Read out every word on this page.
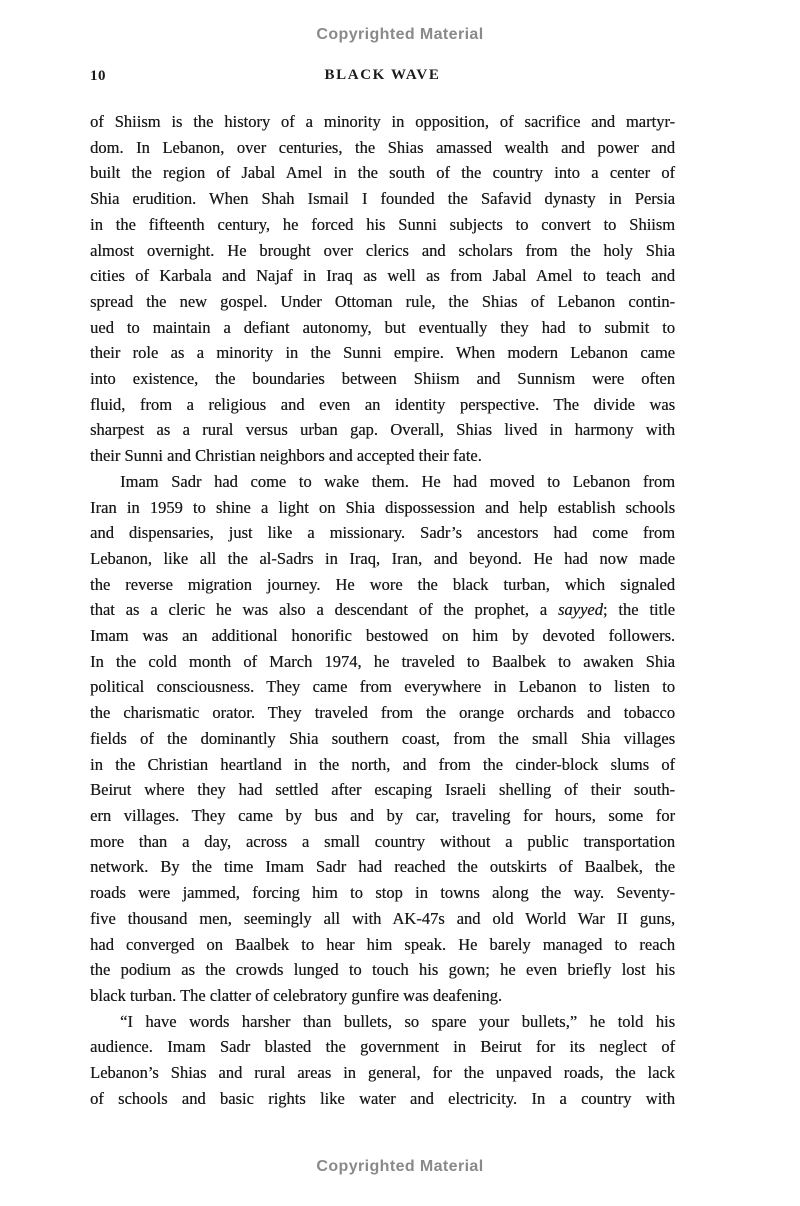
Copyrighted Material
10	BLACK WAVE
of Shiism is the history of a minority in opposition, of sacrifice and martyr-
dom. In Lebanon, over centuries, the Shias amassed wealth and power and
built the region of Jabal Amel in the south of the country into a center of
Shia erudition. When Shah Ismail I founded the Safavid dynasty in Persia
in the fifteenth century, he forced his Sunni subjects to convert to Shiism
almost overnight. He brought over clerics and scholars from the holy Shia
cities of Karbala and Najaf in Iraq as well as from Jabal Amel to teach and
spread the new gospel. Under Ottoman rule, the Shias of Lebanon contin-
ued to maintain a defiant autonomy, but eventually they had to submit to
their role as a minority in the Sunni empire. When modern Lebanon came
into existence, the boundaries between Shiism and Sunnism were often
fluid, from a religious and even an identity perspective. The divide was
sharpest as a rural versus urban gap. Overall, Shias lived in harmony with
their Sunni and Christian neighbors and accepted their fate.
Imam Sadr had come to wake them. He had moved to Lebanon from
Iran in 1959 to shine a light on Shia dispossession and help establish schools
and dispensaries, just like a missionary. Sadr’s ancestors had come from
Lebanon, like all the al-Sadrs in Iraq, Iran, and beyond. He had now made
the reverse migration journey. He wore the black turban, which signaled
that as a cleric he was also a descendant of the prophet, a sayyed; the title
Imam was an additional honorific bestowed on him by devoted followers.
In the cold month of March 1974, he traveled to Baalbek to awaken Shia
political consciousness. They came from everywhere in Lebanon to listen to
the charismatic orator. They traveled from the orange orchards and tobacco
fields of the dominantly Shia southern coast, from the small Shia villages
in the Christian heartland in the north, and from the cinder-block slums of
Beirut where they had settled after escaping Israeli shelling of their south-
ern villages. They came by bus and by car, traveling for hours, some for
more than a day, across a small country without a public transportation
network. By the time Imam Sadr had reached the outskirts of Baalbek, the
roads were jammed, forcing him to stop in towns along the way. Seventy-
five thousand men, seemingly all with AK-47s and old World War II guns,
had converged on Baalbek to hear him speak. He barely managed to reach
the podium as the crowds lunged to touch his gown; he even briefly lost his
black turban. The clatter of celebratory gunfire was deafening.
“I have words harsher than bullets, so spare your bullets,” he told his
audience. Imam Sadr blasted the government in Beirut for its neglect of
Lebanon’s Shias and rural areas in general, for the unpaved roads, the lack
of schools and basic rights like water and electricity. In a country with
Copyrighted Material
